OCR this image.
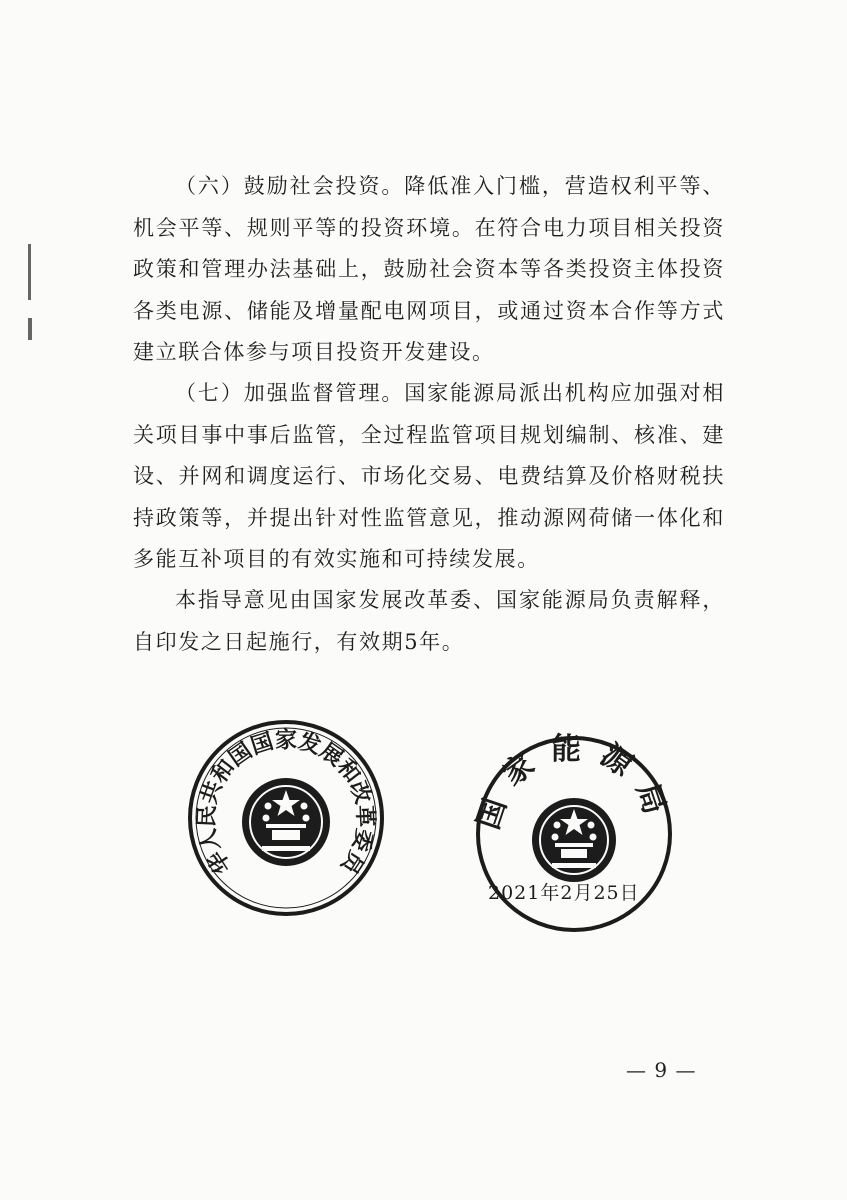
（六）鼓励社会投资。降低准入门槛，营造权利平等、机会平等、规则平等的投资环境。在符合电力项目相关投资政策和管理办法基础上，鼓励社会资本等各类投资主体投资各类电源、储能及增量配电网项目，或通过资本合作等方式建立联合体参与项目投资开发建设。

（七）加强监督管理。国家能源局派出机构应加强对相关项目事中事后监管，全过程监管项目规划编制、核准、建设、并网和调度运行、市场化交易、电费结算及价格财税扶持政策等，并提出针对性监管意见，推动源网荷储一体化和多能互补项目的有效实施和可持续发展。

本指导意见由国家发展改革委、国家能源局负责解释，自印发之日起施行，有效期5年。

中华人民共和国国家发展和改革委员会
国家能源局
2021年2月25日
— 9 —
